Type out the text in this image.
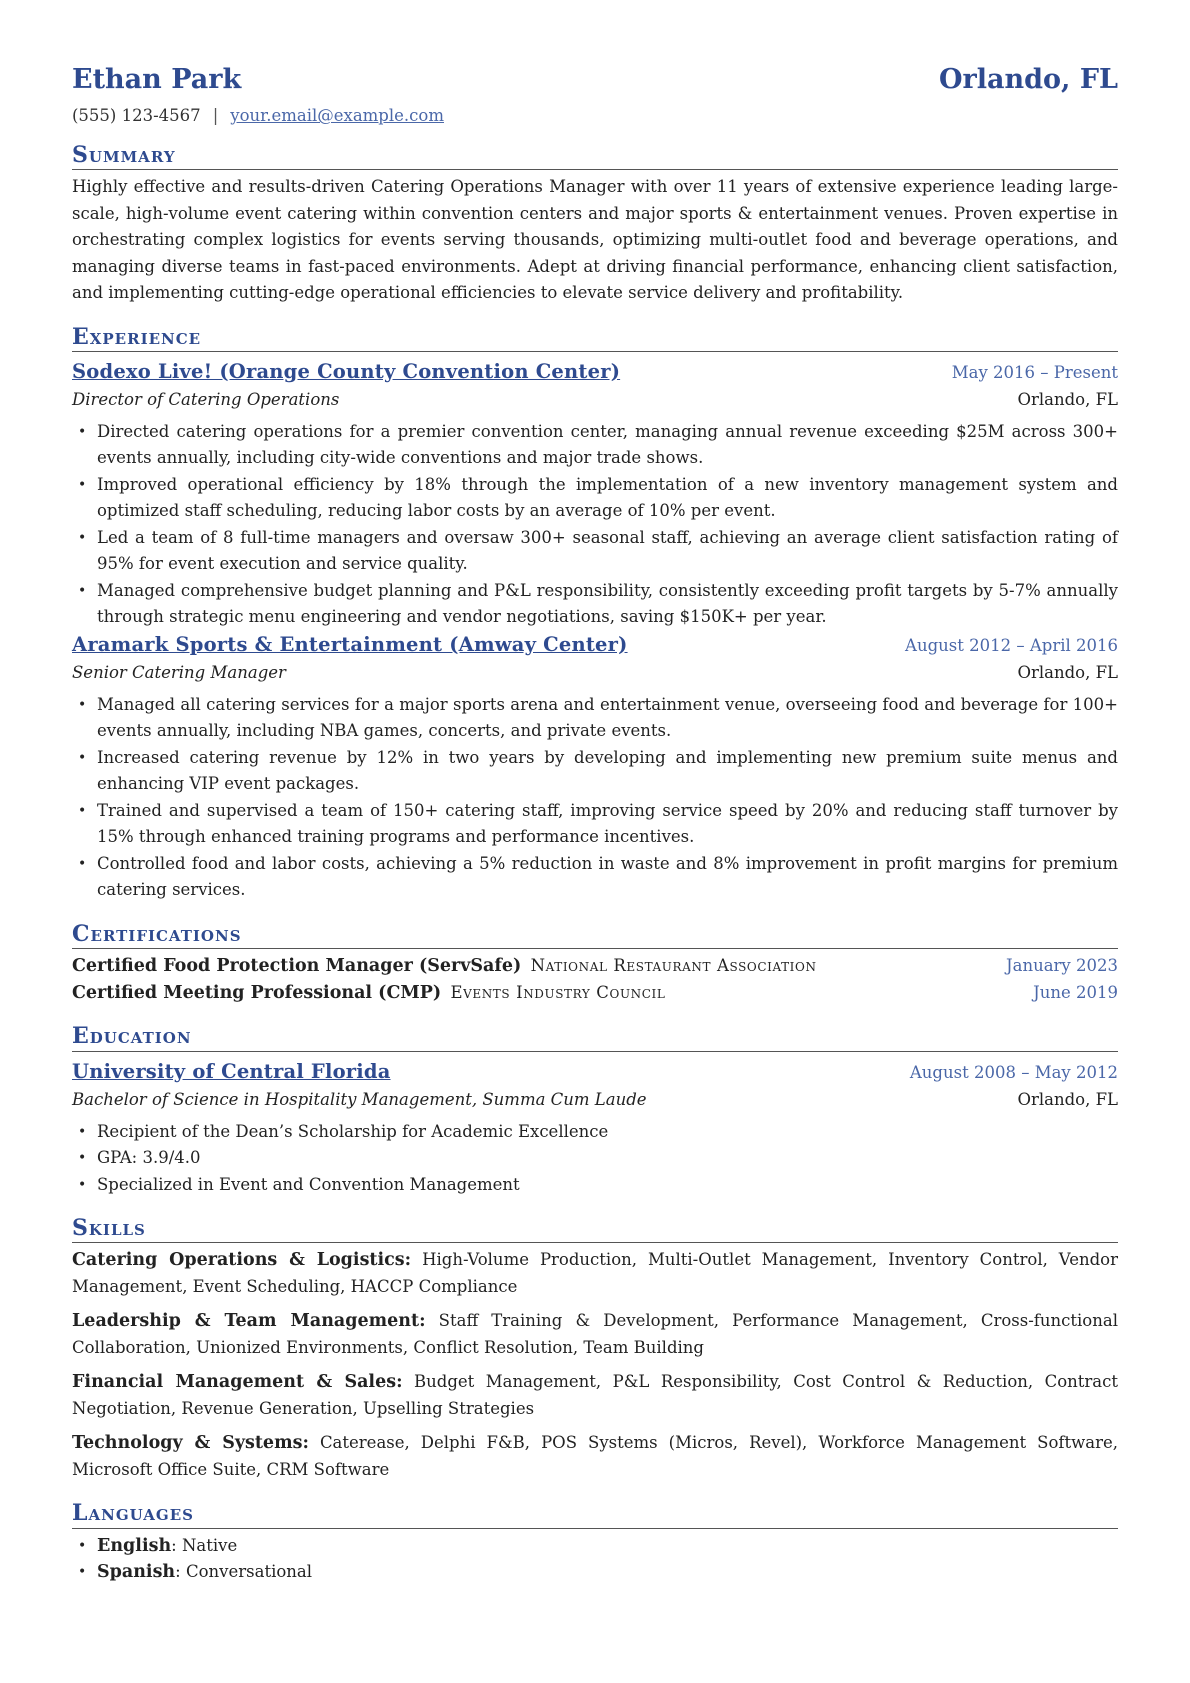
Ethan Park	Orlando, FL
(555) 123-4567 | your.email@example.com
Summary
Highly effective and results-driven Catering Operations Manager with over 11 years of extensive experience leading large-scale, high-volume event catering within convention centers and major sports & entertainment venues. Proven expertise in orchestrating complex logistics for events serving thousands, optimizing multi-outlet food and beverage operations, and managing diverse teams in fast-paced environments. Adept at driving financial performance, enhancing client satisfaction, and implementing cutting-edge operational efficiencies to elevate service delivery and profitability.
Experience
Sodexo Live! (Orange County Convention Center)	May 2016 – Present
Director of Catering Operations	Orlando, FL
• Directed catering operations for a premier convention center, managing annual revenue exceeding $25M across 300+ events annually, including city-wide conventions and major trade shows.
• Improved operational efficiency by 18% through the implementation of a new inventory management system and optimized staff scheduling, reducing labor costs by an average of 10% per event.
• Led a team of 8 full-time managers and oversaw 300+ seasonal staff, achieving an average client satisfaction rating of 95% for event execution and service quality.
• Managed comprehensive budget planning and P&L responsibility, consistently exceeding profit targets by 5-7% annually through strategic menu engineering and vendor negotiations, saving $150K+ per year.
Aramark Sports & Entertainment (Amway Center)	August 2012 – April 2016
Senior Catering Manager	Orlando, FL
• Managed all catering services for a major sports arena and entertainment venue, overseeing food and beverage for 100+ events annually, including NBA games, concerts, and private events.
• Increased catering revenue by 12% in two years by developing and implementing new premium suite menus and enhancing VIP event packages.
• Trained and supervised a team of 150+ catering staff, improving service speed by 20% and reducing staff turnover by 15% through enhanced training programs and performance incentives.
• Controlled food and labor costs, achieving a 5% reduction in waste and 8% improvement in profit margins for premium catering services.
Certifications
Certified Food Protection Manager (ServSafe) National Restaurant Association	January 2023
Certified Meeting Professional (CMP) Events Industry Council	June 2019
Education
University of Central Florida	August 2008 – May 2012
Bachelor of Science in Hospitality Management, Summa Cum Laude	Orlando, FL
• Recipient of the Dean’s Scholarship for Academic Excellence
• GPA: 3.9/4.0
• Specialized in Event and Convention Management
Skills
Catering Operations & Logistics: High-Volume Production, Multi-Outlet Management, Inventory Control, Vendor Management, Event Scheduling, HACCP Compliance
Leadership & Team Management: Staff Training & Development, Performance Management, Cross-functional Collaboration, Unionized Environments, Conflict Resolution, Team Building
Financial Management & Sales: Budget Management, P&L Responsibility, Cost Control & Reduction, Contract Negotiation, Revenue Generation, Upselling Strategies
Technology & Systems: Caterease, Delphi F&B, POS Systems (Micros, Revel), Workforce Management Software, Microsoft Office Suite, CRM Software
Languages
• English: Native
• Spanish: Conversational
